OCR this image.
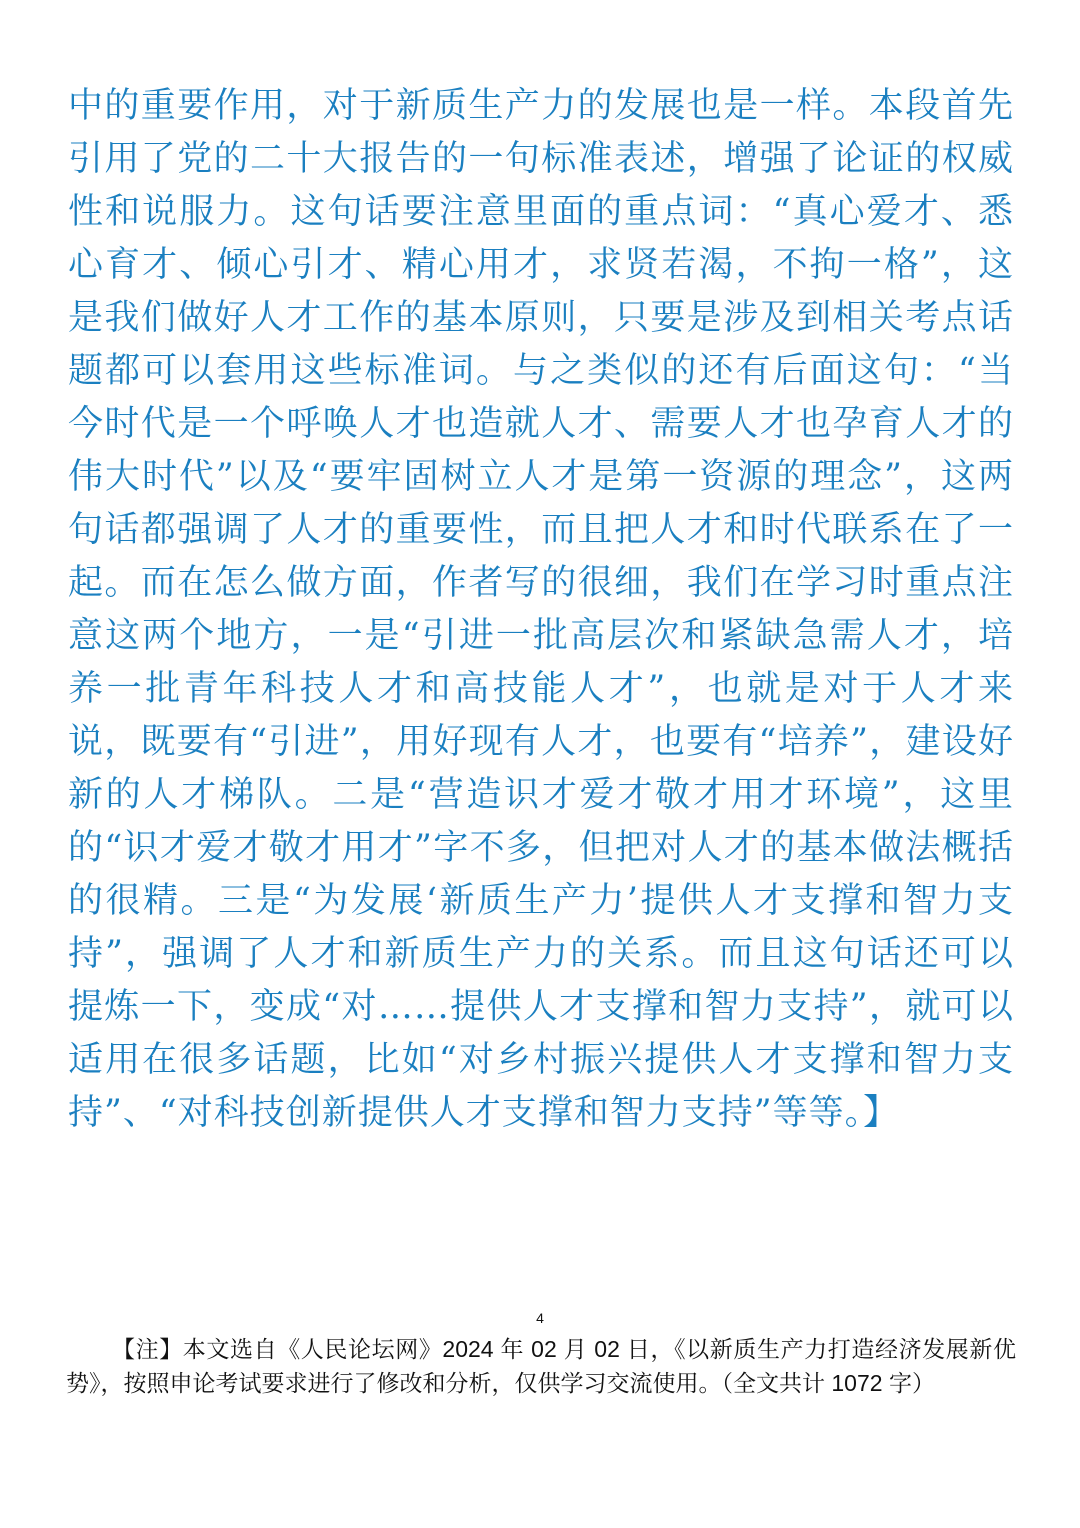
中的重要作用，对于新质生产力的发展也是一样。本段首先引用了党的二十大报告的一句标准表述，增强了论证的权威性和说服力。这句话要注意里面的重点词：“真心爱才、悉心育才、倾心引才、精心用才，求贤若渴，不拘一格”，这是我们做好人才工作的基本原则，只要是涉及到相关考点话题都可以套用这些标准词。与之类似的还有后面这句：“当今时代是一个呼唤人才也造就人才、需要人才也孕育人才的伟大时代”以及“要牢固树立人才是第一资源的理念”，这两句话都强调了人才的重要性，而且把人才和时代联系在了一起。而在怎么做方面，作者写的很细，我们在学习时重点注意这两个地方，一是“引进一批高层次和紧缺急需人才，培养一批青年科技人才和高技能人才”，也就是对于人才来说，既要有“引进”，用好现有人才，也要有“培养”，建设好新的人才梯队。二是“营造识才爱才敬才用才环境”，这里的“识才爱才敬才用才”字不多，但把对人才的基本做法概括的很精。三是“为发展‘新质生产力’提供人才支撑和智力支持”，强调了人才和新质生产力的关系。而且这句话还可以提炼一下，变成“对……提供人才支撑和智力支持”，就可以适用在很多话题，比如“对乡村振兴提供人才支撑和智力支持”、“对科技创新提供人才支撑和智力支持”等等。】

4

【注】本文选自《人民论坛网》2024 年 02 月 02 日，《以新质生产力打造经济发展新优势》，按照申论考试要求进行了修改和分析，仅供学习交流使用。（全文共计 1072 字）
